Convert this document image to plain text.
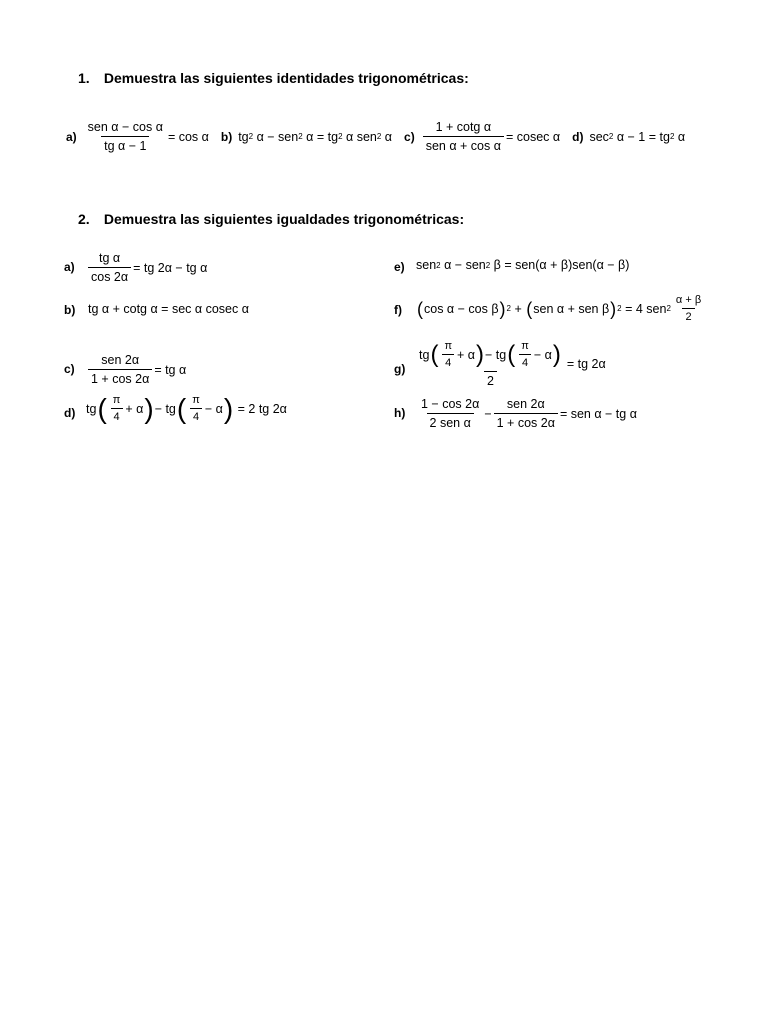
1. Demuestra las siguientes identidades trigonométricas:
$a) \frac{\text{sen α − cos α}}{\text{tg α − 1}} = \cos \alpha$ b) tg 2
α − sen 2
α = tg 2
α sen 2
α $c) \frac{\text{1 + cotg α}}{\text{sen α + cos α}} = cosec$ α d) sec 2
α − 1 = tg 2
α
2. Demuestra las siguientes igualdades trigonométricas:
$a) \frac{\text{tg α}}{\cos 2\alpha}$ = tg 2α − tg α
b) tg α + cotg α = sec α cosec α
$c) \frac{\text{sen 2α}}{1 + \cos 2\alpha}$ = tg α
d) tg ( $\frac{\pi}{4} + \alpha$ ) − tg ( $\frac{\pi}{4} - \alpha$ )
= 2 tg 2α
e) sen 2
α − sen 2
β = sen(α + β)sen(α − β)
f) ( cos α − cos β ) 2
+
( sen α + sen β ) 2
= 4 sen $2 \frac{\alpha + \beta}{2}$
$g) \frac{tg ( \frac{\pi}{4} + \alpha ) - tg ( \frac{\pi}{4} - \alpha )}{2}$ = tg 2α
$h) \frac{1 - \cos 2\alpha}{\text{2 sen α}} - \frac{\text{sen 2α}}{1 + \cos 2\alpha}$ = sen α − tg α
